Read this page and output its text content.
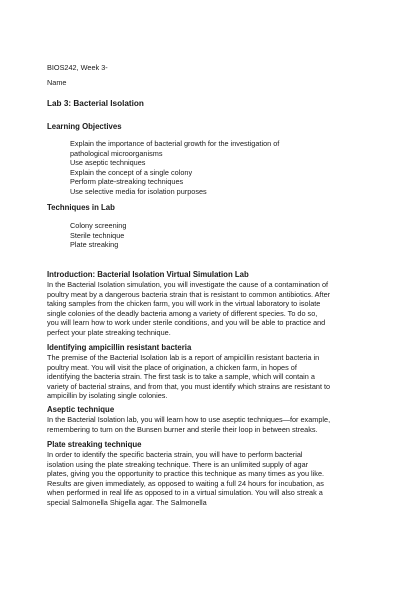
BIOS242, Week 3-
Name
Lab 3: Bacterial Isolation
Learning Objectives
Explain the importance of bacterial growth for the investigation of
pathological microorganisms
Use aseptic techniques
Explain the concept of a single colony
Perform plate-streaking techniques
Use selective media for isolation purposes
Techniques in Lab
Colony screening
Sterile technique
Plate streaking
Introduction: Bacterial Isolation Virtual Simulation Lab
In the Bacterial Isolation simulation, you will investigate the cause of a contamination of
poultry meat by a dangerous bacteria strain that is resistant to common antibiotics. After
taking samples from the chicken farm, you will work in the virtual laboratory to isolate
single colonies of the deadly bacteria among a variety of different species. To do so,
you will learn how to work under sterile conditions, and you will be able to practice and
perfect your plate streaking technique.
Identifying ampicillin resistant bacteria
The premise of the Bacterial Isolation lab is a report of ampicillin resistant bacteria in
poultry meat. You will visit the place of origination, a chicken farm, in hopes of
identifying the bacteria strain. The first task is to take a sample, which will contain a
variety of bacterial strains, and from that, you must identify which strains are resistant to
ampicillin by isolating single colonies.
Aseptic technique
In the Bacterial Isolation lab, you will learn how to use aseptic techniques—for example,
remembering to turn on the Bunsen burner and sterile their loop in between streaks.
Plate streaking technique
In order to identify the specific bacteria strain, you will have to perform bacterial
isolation using the plate streaking technique. There is an unlimited supply of agar
plates, giving you the opportunity to practice this technique as many times as you like.
Results are given immediately, as opposed to waiting a full 24 hours for incubation, as
when performed in real life as opposed to in a virtual simulation. You will also streak a
special Salmonella Shigella agar. The Salmonella
